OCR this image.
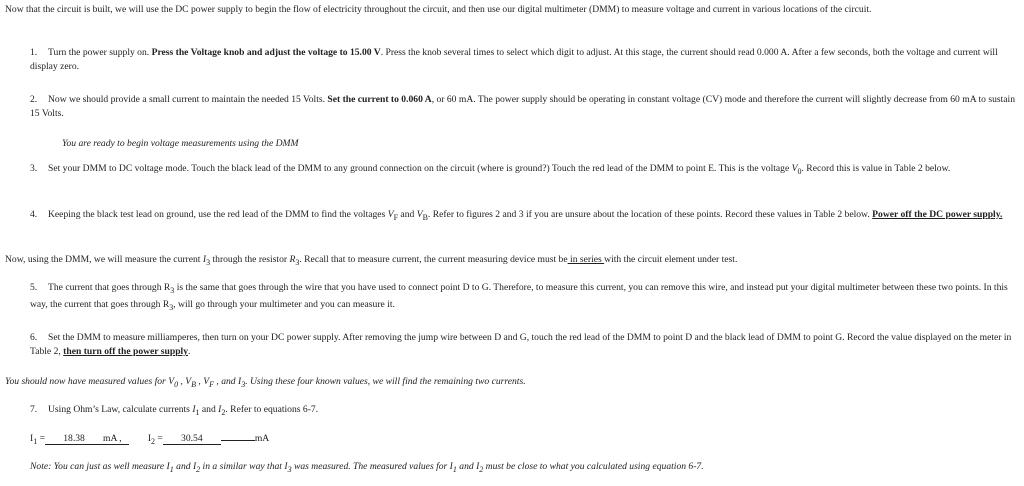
Now that the circuit is built, we will use the DC power supply to begin the flow of electricity throughout the circuit, and then use our digital multimeter (DMM) to measure voltage and current in various locations of the circuit.
1. Turn the power supply on. Press the Voltage knob and adjust the voltage to 15.00 V. Press the knob several times to select which digit to adjust. At this stage, the current should read 0.000 A. After a few seconds, both the voltage and current will display zero.
2. Now we should provide a small current to maintain the needed 15 Volts. Set the current to 0.060 A, or 60 mA. The power supply should be operating in constant voltage (CV) mode and therefore the current will slightly decrease from 60 mA to sustain 15 Volts.
You are ready to begin voltage measurements using the DMM
3. Set your DMM to DC voltage mode. Touch the black lead of the DMM to any ground connection on the circuit (where is ground?) Touch the red lead of the DMM to point E. This is the voltage $V_0$. Record this is value in Table 2 below.
4. Keeping the black test lead on ground, use the red lead of the DMM to find the voltages $V_F$ and $V_B$. Refer to figures 2 and 3 if you are unsure about the location of these points. Record these values in Table 2 below. Power off the DC power supply.
Now, using the DMM, we will measure the current $I_3$ through the resistor $R_3$. Recall that to measure current, the current measuring device must be in series with the circuit element under test.
5. The current that goes through $R_3$ is the same that goes through the wire that you have used to connect point D to G. Therefore, to measure this current, you can remove this wire, and instead put your digital multimeter between these two points. In this way, the current that goes through $R_3$, will go through your multimeter and you can measure it.
6. Set the DMM to measure milliamperes, then turn on your DC power supply. After removing the jump wire between D and G, touch the red lead of the DMM to point D and the black lead of DMM to point G. Record the value displayed on the meter in Table 2, then turn off the power supply.
You should now have measured values for $V_0$ , $V_B$ , $V_F$ , and $I_3$. Using these four known values, we will find the remaining two currents.
7. Using Ohm’s Law, calculate currents $I_1$ and $I_2$. Refer to equations 6-7.
$I_1 = 18.38$ mA ,	$I_2 = 30.54$	mA
Note: You can just as well measure $I_1$ and $I_2$ in a similar way that $I_3$ was measured. The measured values for $I_1$ and $I_2$ must be close to what you calculated using equation 6-7.
